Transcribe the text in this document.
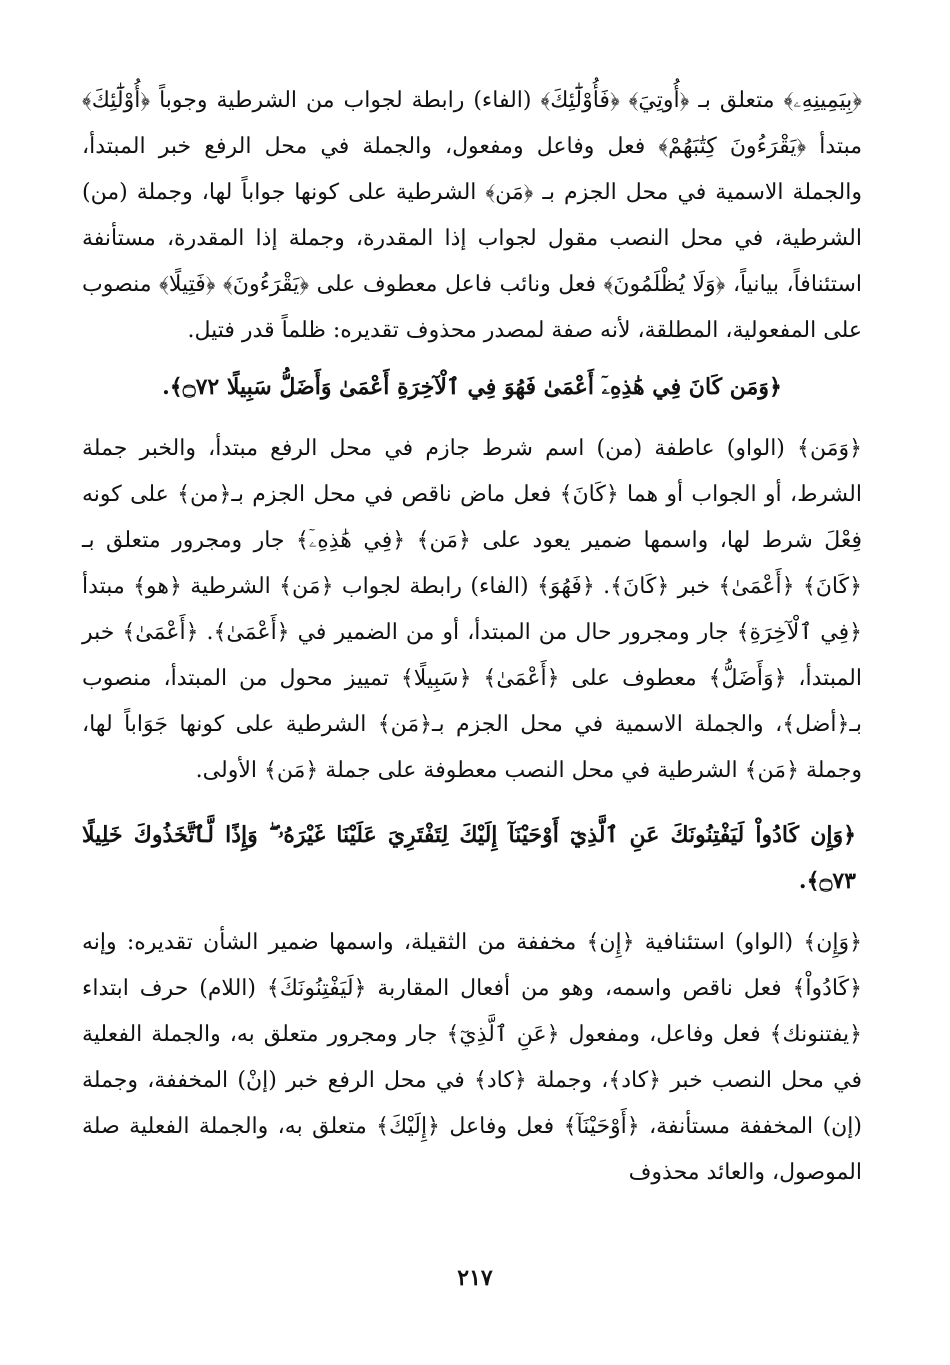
﴿بِيَمِينِهِۦ﴾ متعلق بـ ﴿أُوتِيَ﴾ ﴿فَأُوْلَٰٓئِكَ﴾ (الفاء) رابطة لجواب من الشرطية وجوباً ﴿أُوْلَٰٓئِكَ﴾ مبتدأ ﴿يَقْرَءُونَ كِتَٰبَهُمْ﴾ فعل وفاعل ومفعول، والجملة في محل الرفع خبر المبتدأ، والجملة الاسمية في محل الجزم بـ ﴿مَن﴾ الشرطية على كونها جواباً لها، وجملة (من) الشرطية، في محل النصب مقول لجواب إذا المقدرة، وجملة إذا المقدرة، مستأنفة استئنافاً، بيانياً، ﴿وَلَا يُظْلَمُونَ﴾ فعل ونائب فاعل معطوف على ﴿يَقْرَءُونَ﴾ ﴿فَتِيلًا﴾ منصوب على المفعولية، المطلقة، لأنه صفة لمصدر محذوف تقديره: ظلماً قدر فتيل.

﴿وَمَن كَانَ فِي هَٰذِهِۦٓ أَعْمَىٰ فَهُوَ فِي ٱلْآخِرَةِ أَعْمَىٰ وَأَضَلُّ سَبِيلًا ۝٧٢﴾.

﴿وَمَن﴾ (الواو) عاطفة (من) اسم شرط جازم في محل الرفع مبتدأ، والخبر جملة الشرط، أو الجواب أو هما ﴿كَانَ﴾ فعل ماض ناقص في محل الجزم بـ﴿من﴾ على كونه فِعْلَ شرط لها، واسمها ضمير يعود على ﴿مَن﴾ ﴿فِي هَٰذِهِۦٓ﴾ جار ومجرور متعلق بـ ﴿كَانَ﴾ ﴿أَعْمَىٰ﴾ خبر ﴿كَانَ﴾. ﴿فَهُوَ﴾ (الفاء) رابطة لجواب ﴿مَن﴾ الشرطية ﴿هو﴾ مبتدأ ﴿فِي ٱلْآخِرَةِ﴾ جار ومجرور حال من المبتدأ، أو من الضمير في ﴿أَعْمَىٰ﴾. ﴿أَعْمَىٰ﴾ خبر المبتدأ، ﴿وَأَضَلُّ﴾ معطوف على ﴿أَعْمَىٰ﴾ ﴿سَبِيلًا﴾ تمييز محول من المبتدأ، منصوب بـ﴿أضل﴾، والجملة الاسمية في محل الجزم بـ﴿مَن﴾ الشرطية على كونها جَوَاباً لها، وجملة ﴿مَن﴾ الشرطية في محل النصب معطوفة على جملة ﴿مَن﴾ الأولى.

﴿وَإِن كَادُواْ لَيَفْتِنُونَكَ عَنِ ٱلَّذِيٓ أَوْحَيْنَآ إِلَيْكَ لِتَفْتَرِيَ عَلَيْنَا غَيْرَهُۥ ۖ وَإِذًا لَّٱتَّخَذُوكَ خَلِيلًا ۝٧٣﴾.

﴿وَإِن﴾ (الواو) استئنافية ﴿إِن﴾ مخففة من الثقيلة، واسمها ضمير الشأن تقديره: وإنه ﴿كَادُواْ﴾ فعل ناقص واسمه، وهو من أفعال المقاربة ﴿لَيَفْتِنُونَكَ﴾ (اللام) حرف ابتداء ﴿يفتنونك﴾ فعل وفاعل، ومفعول ﴿عَنِ ٱلَّذِيٓ﴾ جار ومجرور متعلق به، والجملة الفعلية في محل النصب خبر ﴿كاد﴾، وجملة ﴿كاد﴾ في محل الرفع خبر (إنْ) المخففة، وجملة (إن) المخففة مستأنفة، ﴿أَوْحَيْنَآ﴾ فعل وفاعل ﴿إِلَيْكَ﴾ متعلق به، والجملة الفعلية صلة الموصول، والعائد محذوف

٢١٧
